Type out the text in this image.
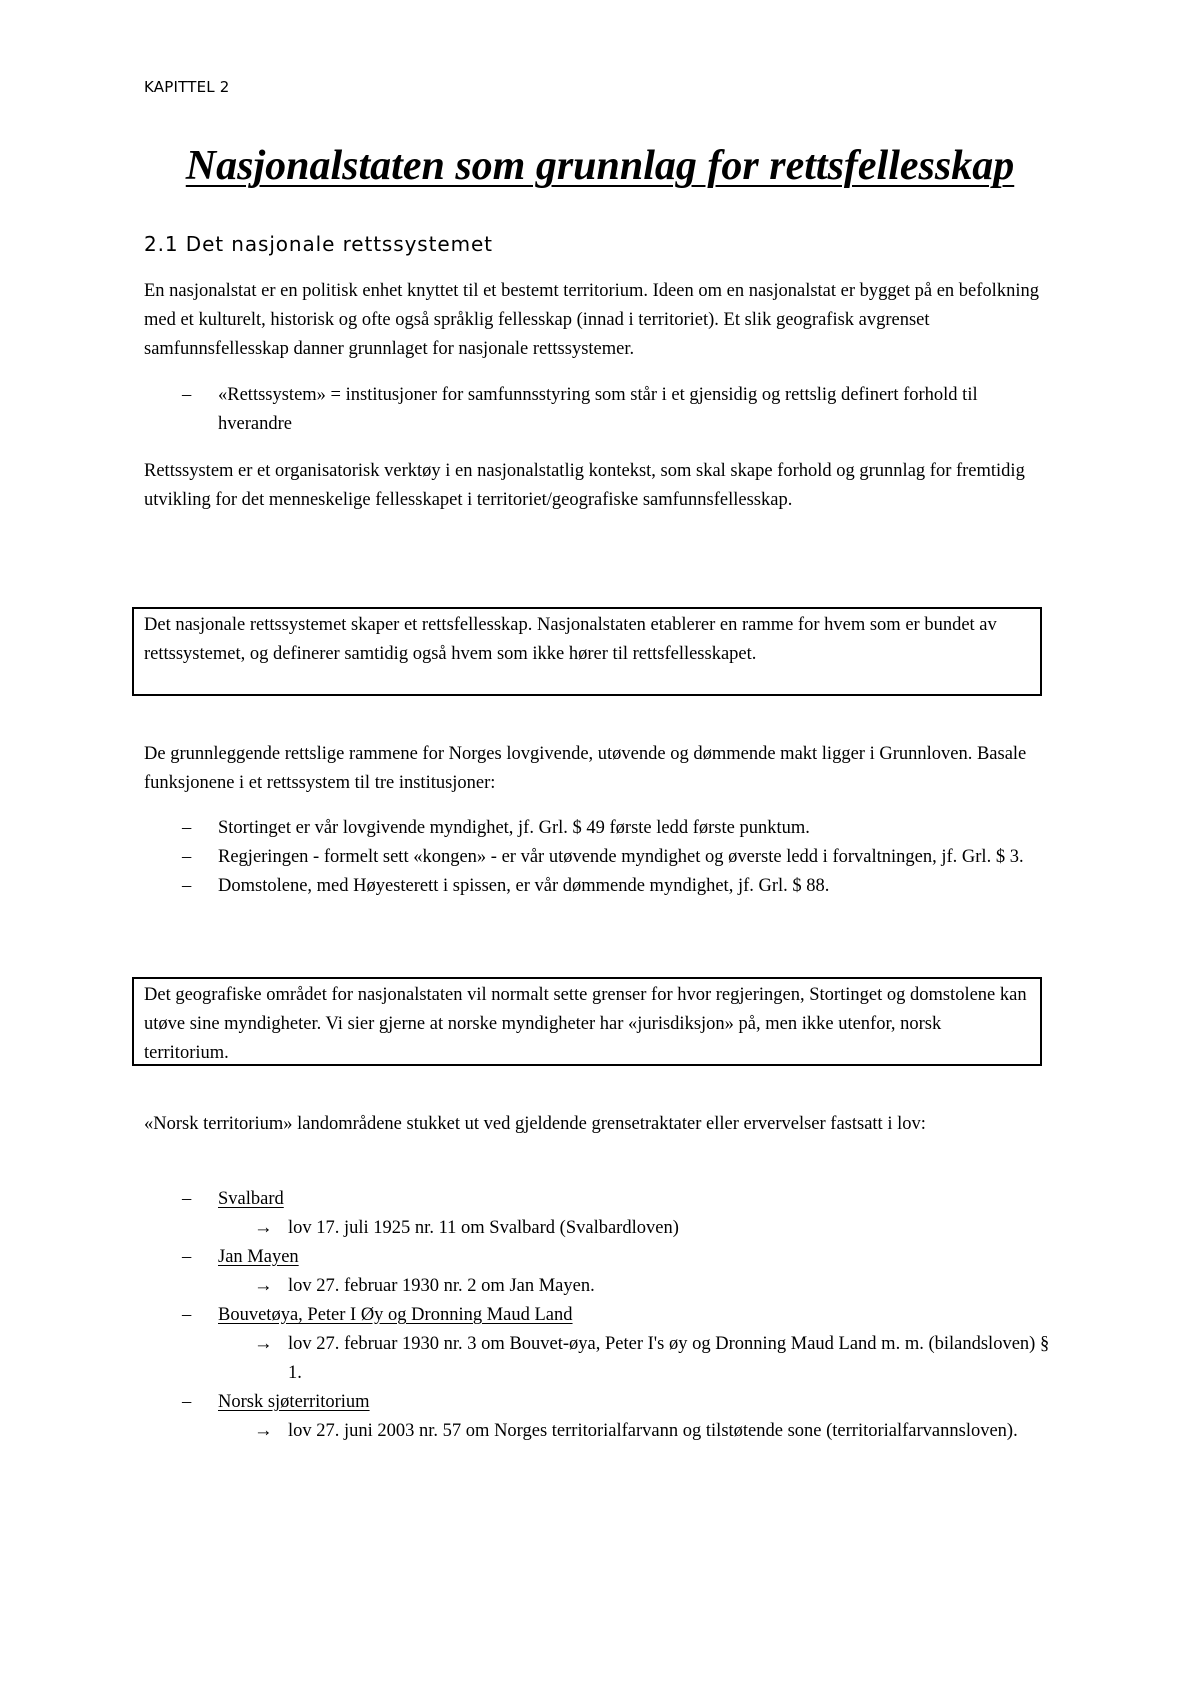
KAPITTEL 2
Nasjonalstaten som grunnlag for rettsfellesskap
2.1 Det nasjonale rettssystemet

En nasjonalstat er en politisk enhet knyttet til et bestemt territorium. Ideen om en nasjonalstat er bygget på en befolkning med et kulturelt, historisk og ofte også språklig fellesskap (innad i territoriet). Et slik geografisk avgrenset samfunnsfellesskap danner grunnlaget for nasjonale rettssystemer.

– «Rettssystem» = institusjoner for samfunnsstyring som står i et gjensidig og rettslig definert forhold til hverandre

Rettssystem er et organisatorisk verktøy i en nasjonalstatlig kontekst, som skal skape forhold og grunnlag for fremtidig utvikling for det menneskelige fellesskapet i territoriet/geografiske samfunnsfellesskap.

Det nasjonale rettssystemet skaper et rettsfellesskap. Nasjonalstaten etablerer en ramme for hvem som er bundet av rettssystemet, og definerer samtidig også hvem som ikke hører til rettsfellesskapet.

De grunnleggende rettslige rammene for Norges lovgivende, utøvende og dømmende makt ligger i Grunnloven. Basale funksjonene i et rettssystem til tre institusjoner:

– Stortinget er vår lovgivende myndighet, jf. Grl. $ 49 første ledd første punktum.
– Regjeringen - formelt sett «kongen» - er vår utøvende myndighet og øverste ledd i forvaltningen, jf. Grl. $ 3.
– Domstolene, med Høyesterett i spissen, er vår dømmende myndighet, jf. Grl. $ 88.
Det geografiske området for nasjonalstaten vil normalt sette grenser for hvor regjeringen, Stortinget og domstolene kan utøve sine myndigheter. Vi sier gjerne at norske myndigheter har «jurisdiksjon» på, men ikke utenfor, norsk territorium.

«Norsk territorium» landområdene stukket ut ved gjeldende grensetraktater eller ervervelser fastsatt i lov:

– Svalbard
→ lov 17. juli 1925 nr. 11 om Svalbard (Svalbardloven)
– Jan Mayen
→ lov 27. februar 1930 nr. 2 om Jan Mayen.
– Bouvetøya, Peter I Øy og Dronning Maud Land
→ lov 27. februar 1930 nr. 3 om Bouvet-øya, Peter I's øy og Dronning Maud Land m. m. (bilandsloven) § 1.
– Norsk sjøterritorium
→ lov 27. juni 2003 nr. 57 om Norges territorialfarvann og tilstøtende sone (territorialfarvannsloven).
